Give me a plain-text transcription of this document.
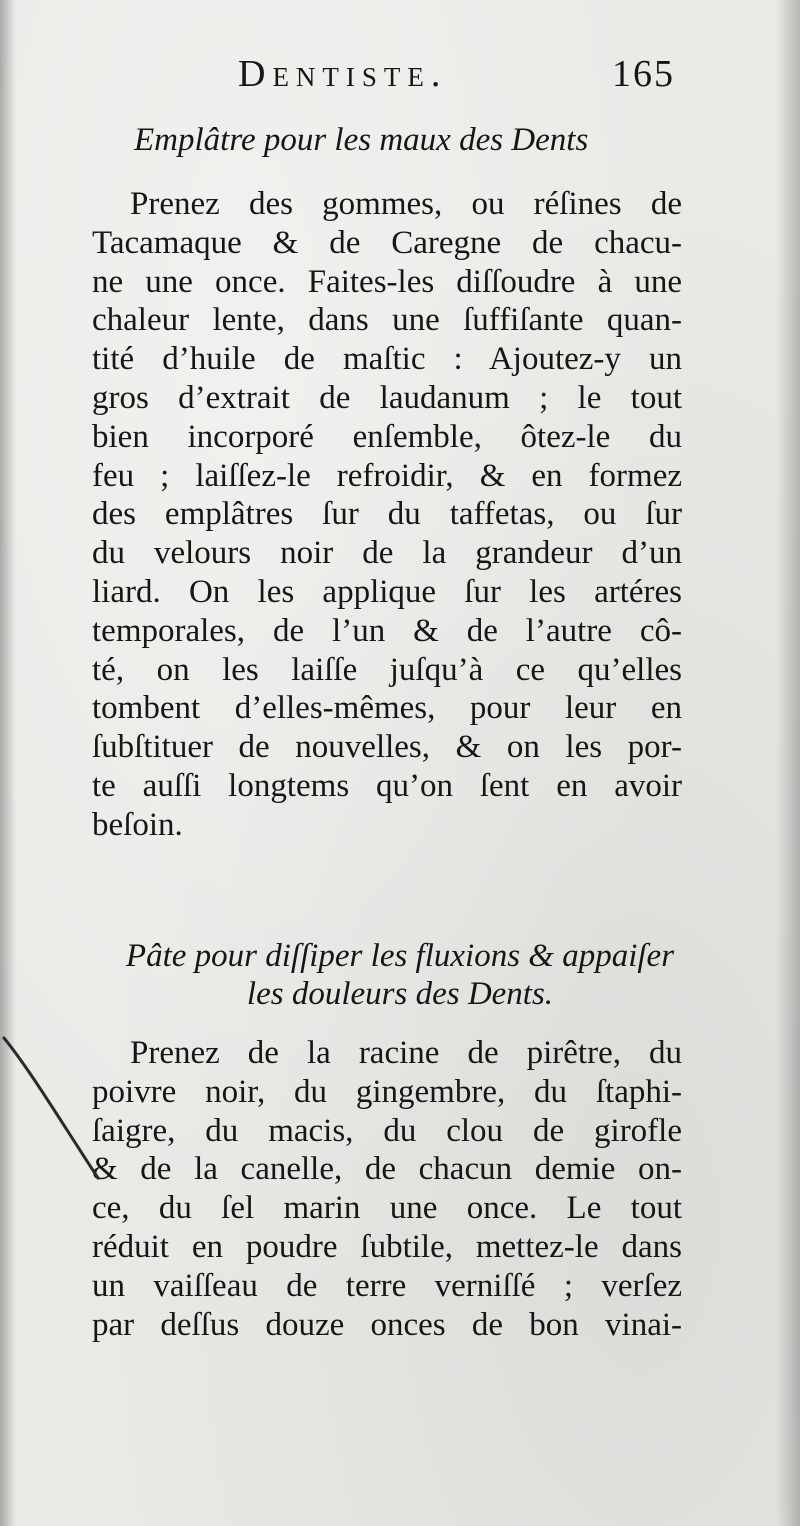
Dentiste.	165
Emplâtre pour les maux des Dents
Prenez des gommes, ou réſines de
Tacamaque & de Caregne de chacu-
ne une once. Faites-les diſſoudre à une
chaleur lente, dans une ſuffiſante quan-
tité d’huile de maſtic : Ajoutez-y un
gros d’extrait de laudanum ; le tout
bien incorporé enſemble, ôtez-le du
feu ; laiſſez-le refroidir, & en formez
des emplâtres ſur du taffetas, ou ſur
du velours noir de la grandeur d’un
liard. On les applique ſur les artéres
temporales, de l’un & de l’autre cô-
té, on les laiſſe juſqu’à ce qu’elles
tombent d’elles-mêmes, pour leur en
ſubſtituer de nouvelles, & on les por-
te auſſi longtems qu’on ſent en avoir
beſoin.
Pâte pour diſſiper les fluxions & appaiſer
les douleurs des Dents.
Prenez de la racine de pirêtre, du
poivre noir, du gingembre, du ſtaphi-
ſaigre, du macis, du clou de girofle
& de la canelle, de chacun demie on-
ce, du ſel marin une once. Le tout
réduit en poudre ſubtile, mettez-le dans
un vaiſſeau de terre verniſſé ; verſez
par deſſus douze onces de bon vinai-
